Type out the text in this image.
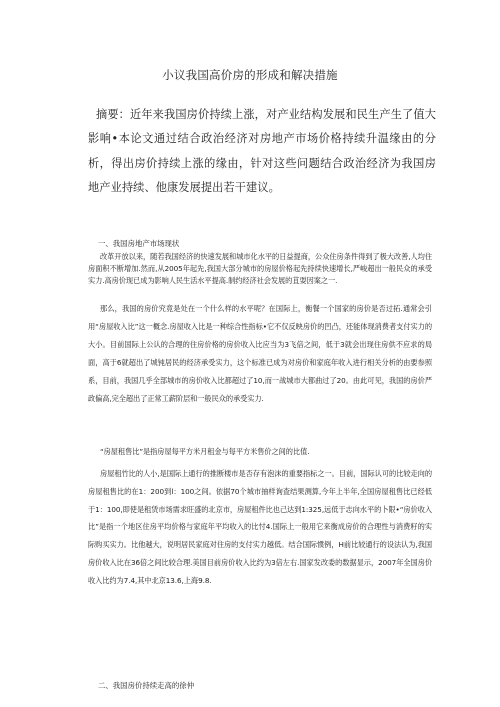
小议我国高价房的形成和解决措施
摘要：近年来我国房价持续上涨，对产业结构发展和民生产生了值大影响•本论文通过结合政治经济对房地产市场价格持续升温缘由的分析，得出房价持续上涨的缘由，针对这些问题结合政治经济为我国房地产业持续、他康发展提出若干建议。
一、我国房地产市场现状
改革开放以来，随若我国经济的快速发展和城市化水平的日益提商，公众住房条件得到了极大改善,人均住房面积不断增加.然而,从2005年起先,我国大部分城市的房屋价格起先持续快速增长,严峻超出一般民众的承受实力.高房价现已成为影响人民生活水平提高.制约经济社会发展的苴耍因案之一.
那么，我国的房价究竟是处在一个什么样的水平呢？在国际上，衡餐一个国家的房价是否过拓.通常会引用“房屋收入比”这一概念.房屋收入比是一种综合性指标•它不仅反映房价的凹凸，还能体现消费者支付实力的大小。目前国际上公认的合理的住房价格的房价收入比应当为3飞倍之间，低于3就会出现住房供不应求的局面，高于6就超出了城钝居民的经济承受实力，这个标准已成为对房价和家庭年收入进行相关分析的由要参照系，目前，我国几乎全部城市的房价收入比都超过了10,而一战城市大都曲过了20。由此可见，我国的房价严政偏高,完全超出了正常工薪阶层和一般民众的承受实力.
“房屋租售比”是指房屋每平方米月租金与每平方米售价之间的比值.
房屋租竹比的人小,是国际上通行的推断楼市是否存有泡沫的重要指标之一。目前，国际认可的比较走向的房屋租售比的在1：200到l：100之间。依据70个城市抽样询査结果测算,今年上半年,全国房屋租售比已经低于1：100,即使是租赁市场需求旺盛的北京市，房屋租件比也己达到1:325,远低于志向水平的卜限•“房价收入比”是指一个地区住房平均价格与家庭年平均收入的比忖4.国际上一般用它来衡成房价的合理性与消费籽的实际购买实力。比他越大，说明居民家庭对住房的支付实力越低。结合国际惯例，H前比较通行的设法认为,我国房价收入比在36倍之间比较合理.美国目前房价收入比约为3倍左右.国家发改委的数据显示，2007年全国房价收入比约为7.4,其中北京13.6,上海9.8.
二、我国房价持续走高的徐仲
